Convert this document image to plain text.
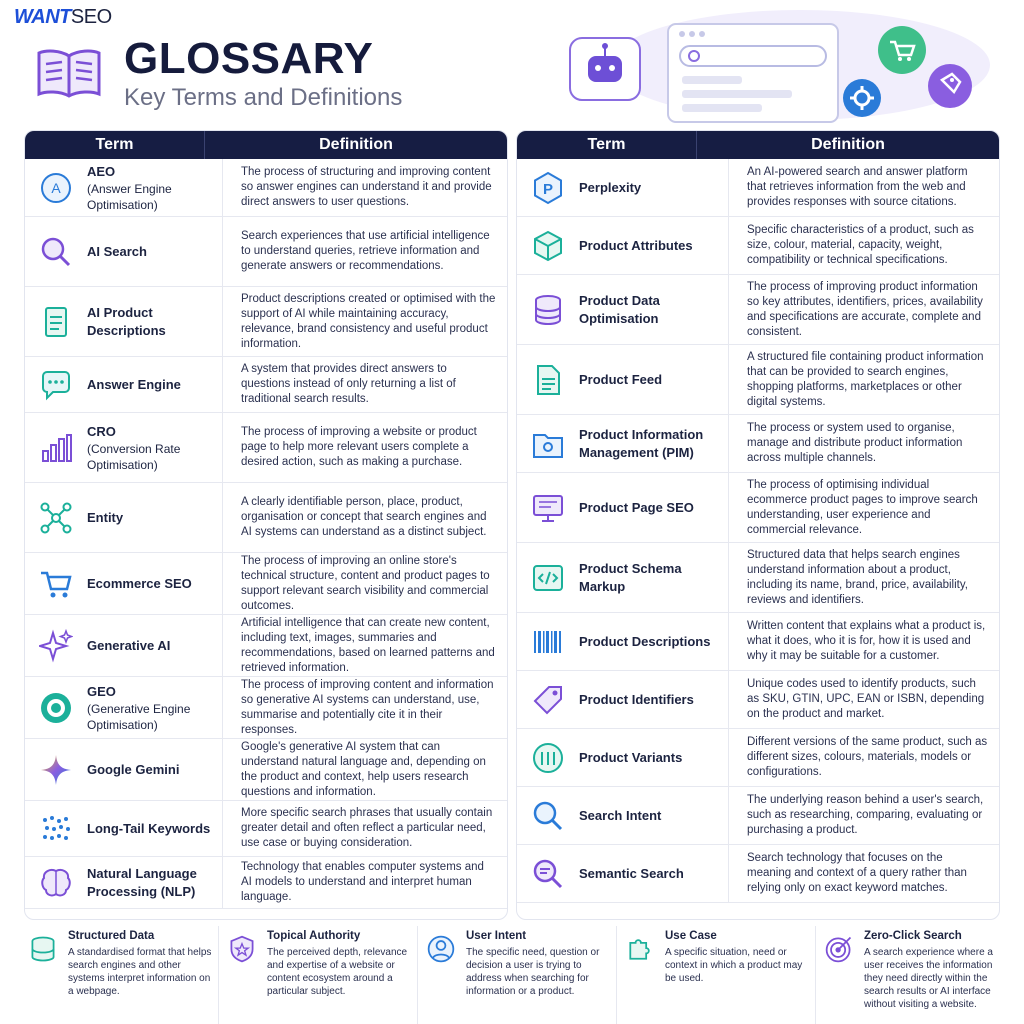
WANTSEO
GLOSSARY
Key Terms and Definitions
Term	Definition
A
AEO
(Answer Engine Optimisation)
The process of structuring and improving content so answer engines can understand it and provide direct answers to user questions.
AI Search
Search experiences that use artificial intelligence to understand queries, retrieve information and generate answers or recommendations.
AI Product Descriptions
Product descriptions created or optimised with the support of AI while maintaining accuracy, relevance, brand consistency and useful product information.
Answer Engine
A system that provides direct answers to questions instead of only returning a list of traditional search results.
CRO
(Conversion Rate Optimisation)
The process of improving a website or product page to help more relevant users complete a desired action, such as making a purchase.
Entity
A clearly identifiable person, place, product, organisation or concept that search engines and AI systems can understand as a distinct subject.
Ecommerce SEO
The process of improving an online store's technical structure, content and product pages to support relevant search visibility and commercial outcomes.
Generative AI
Artificial intelligence that can create new content, including text, images, summaries and recommendations, based on learned patterns and retrieved information.
GEO
(Generative Engine Optimisation)
The process of improving content and information so generative AI systems can understand, use, summarise and potentially cite it in their responses.
Google Gemini
Google's generative AI system that can understand natural language and, depending on the product and context, help users research questions and information.
Long-Tail Keywords
More specific search phrases that usually contain greater detail and often reflect a particular need, use case or buying consideration.
Natural Language Processing (NLP)
Technology that enables computer systems and AI models to understand and interpret human language.
Term	Definition
P Perplexity
An AI-powered search and answer platform that retrieves information from the web and provides responses with source citations.
Product Attributes
Specific characteristics of a product, such as size, colour, material, capacity, weight, compatibility or technical specifications.
Product Data Optimisation
The process of improving product information so key attributes, identifiers, prices, availability and specifications are accurate, complete and consistent.
Product Feed
A structured file containing product information that can be provided to search engines, shopping platforms, marketplaces or other digital systems.
Product Information Management (PIM)
The process or system used to organise, manage and distribute product information across multiple channels.
Product Page SEO
The process of optimising individual ecommerce product pages to improve search understanding, user experience and commercial relevance.
Product Schema Markup
Structured data that helps search engines understand information about a product, including its name, brand, price, availability, reviews and identifiers.
Product Descriptions
Written content that explains what a product is, what it does, who it is for, how it is used and why it may be suitable for a customer.
Product Identifiers
Unique codes used to identify products, such as SKU, GTIN, UPC, EAN or ISBN, depending on the product and market.
Product Variants
Different versions of the same product, such as different sizes, colours, materials, models or configurations.
Search Intent
The underlying reason behind a user's search, such as researching, comparing, evaluating or purchasing a product.
Semantic Search
Search technology that focuses on the meaning and context of a query rather than relying only on exact keyword matches.
Structured Data
A standardised format that helps search engines and other systems interpret information on a webpage.
Topical Authority
The perceived depth, relevance and expertise of a website or content ecosystem around a particular subject.
User Intent
The specific need, question or decision a user is trying to address when searching for information or a product.
Use Case
A specific situation, need or context in which a product may be used.
Zero-Click Search
A search experience where a user receives the information they need directly within the search results or AI interface without visiting a website.
